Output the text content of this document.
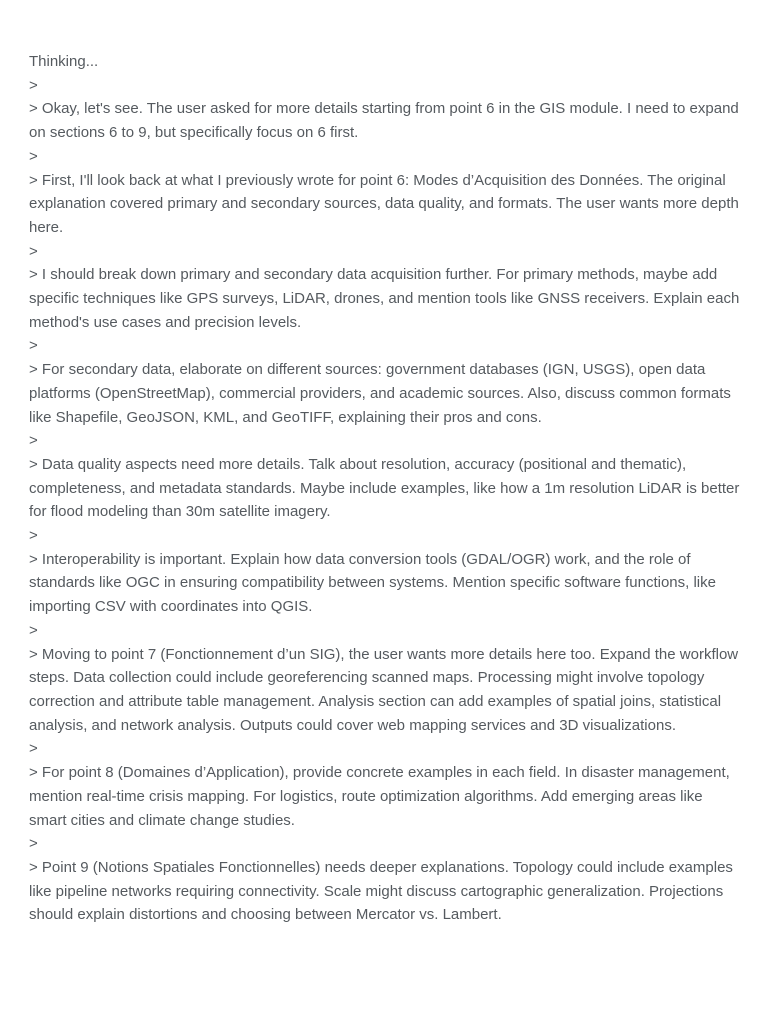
Thinking...
>
> Okay, let's see. The user asked for more details starting from point 6 in the GIS module. I need to expand on sections 6 to 9, but specifically focus on 6 first.
>
> First, I'll look back at what I previously wrote for point 6: Modes d’Acquisition des Données. The original explanation covered primary and secondary sources, data quality, and formats. The user wants more depth here.
>
> I should break down primary and secondary data acquisition further. For primary methods, maybe add specific techniques like GPS surveys, LiDAR, drones, and mention tools like GNSS receivers. Explain each method's use cases and precision levels.
>
> For secondary data, elaborate on different sources: government databases (IGN, USGS), open data platforms (OpenStreetMap), commercial providers, and academic sources. Also, discuss common formats like Shapefile, GeoJSON, KML, and GeoTIFF, explaining their pros and cons.
>
> Data quality aspects need more details. Talk about resolution, accuracy (positional and thematic), completeness, and metadata standards. Maybe include examples, like how a 1m resolution LiDAR is better for flood modeling than 30m satellite imagery.
>
> Interoperability is important. Explain how data conversion tools (GDAL/OGR) work, and the role of standards like OGC in ensuring compatibility between systems. Mention specific software functions, like importing CSV with coordinates into QGIS.
>
> Moving to point 7 (Fonctionnement d’un SIG), the user wants more details here too. Expand the workflow steps. Data collection could include georeferencing scanned maps. Processing might involve topology correction and attribute table management. Analysis section can add examples of spatial joins, statistical analysis, and network analysis. Outputs could cover web mapping services and 3D visualizations.
>
> For point 8 (Domaines d’Application), provide concrete examples in each field. In disaster management, mention real-time crisis mapping. For logistics, route optimization algorithms. Add emerging areas like smart cities and climate change studies.
>
> Point 9 (Notions Spatiales Fonctionnelles) needs deeper explanations. Topology could include examples like pipeline networks requiring connectivity. Scale might discuss cartographic generalization. Projections should explain distortions and choosing between Mercator vs. Lambert.
